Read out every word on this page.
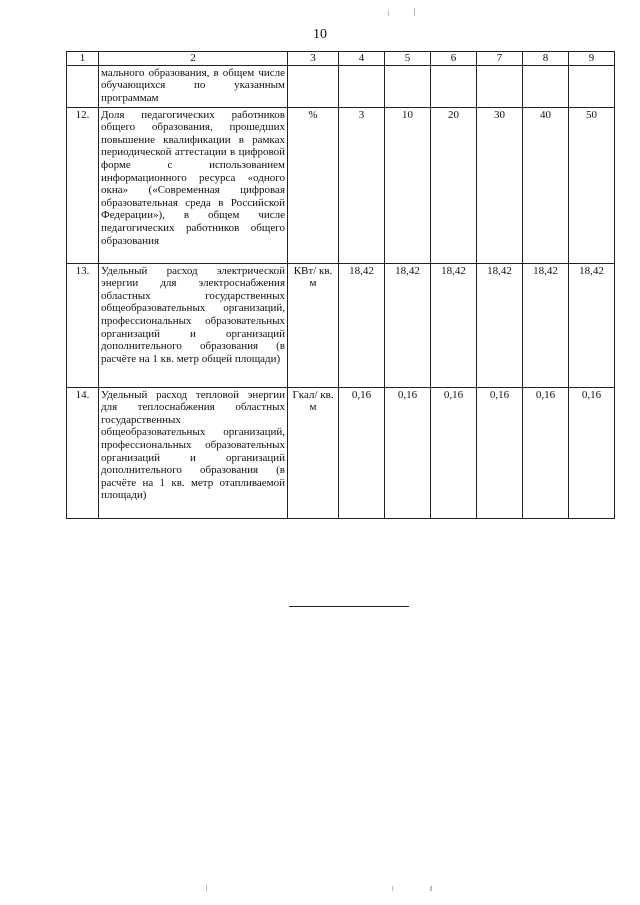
10
1	2	3	4	5	6	7	8	9
	мального образования, в общем числе обучающихся по указанным программам							
12.	Доля педагогических работников общего образования, прошедших повышение квалификации в рамках периодической аттестации в цифровой форме с использованием информационного ресурса «одного окна» («Современная цифровая образовательная среда в Российской Федерации»), в общем числе педагогических работников общего образования	%	3	10	20	30	40	50
13.	Удельный расход электрической энергии для электроснабжения областных государственных общеобразовательных организаций, профессиональных образовательных организаций и организаций дополнительного образования (в расчёте на 1 кв. метр общей площади)	КВт/ кв. м	18,42	18,42	18,42	18,42	18,42	18,42
14.	Удельный расход тепловой энергии для теплоснабжения областных государственных общеобразовательных организаций, профессиональных образовательных организаций и организаций дополнительного образования (в расчёте на 1 кв. метр отапливаемой площади)	Гкал/ кв. м	0,16	0,16	0,16	0,16	0,16	0,16
